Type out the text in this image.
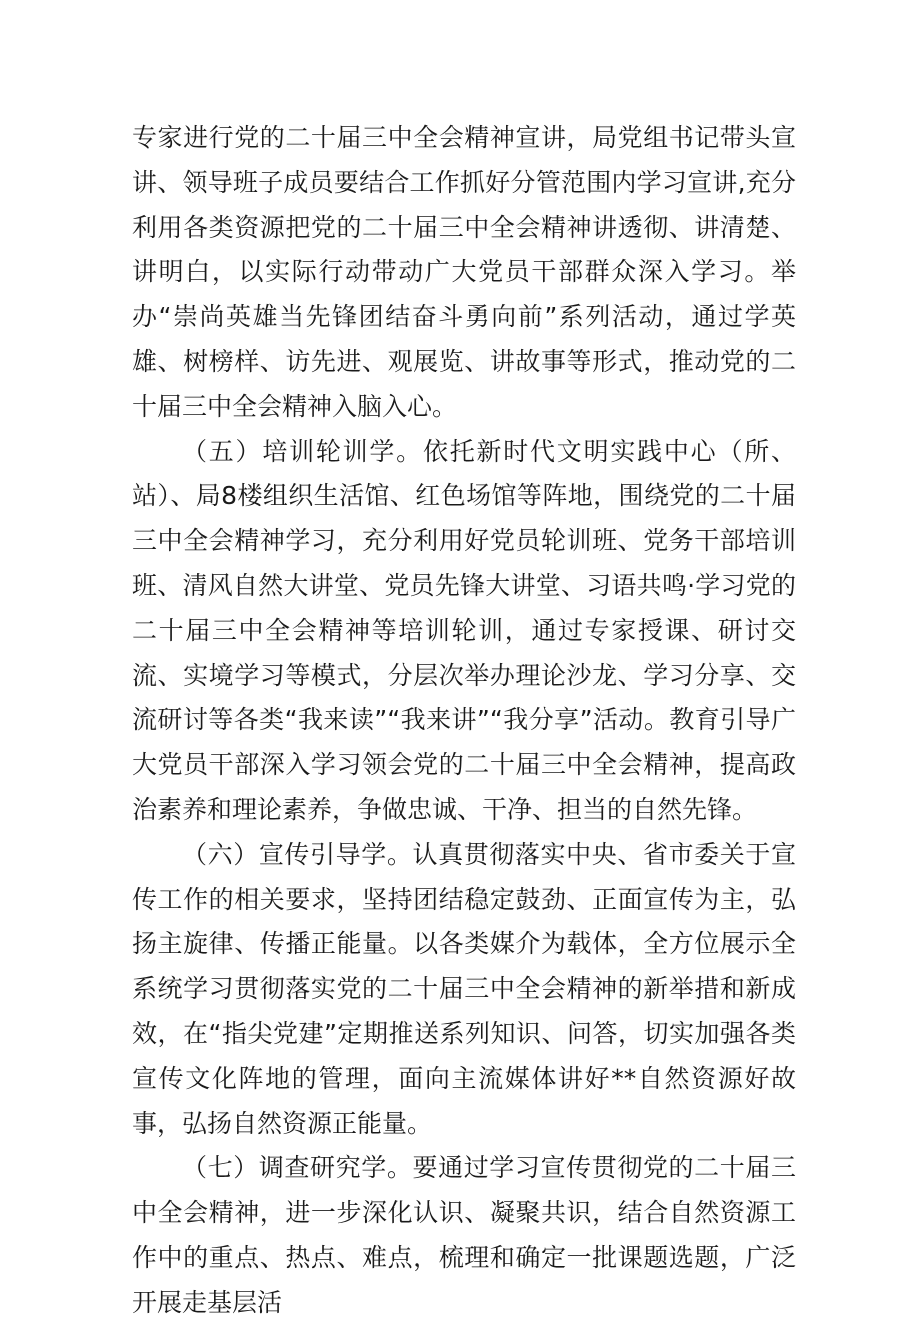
专家进行党的二十届三中全会精神宣讲，局党组书记带头宣讲、领导班子成员要结合工作抓好分管范围内学习宣讲,充分利用各类资源把党的二十届三中全会精神讲透彻、讲清楚、讲明白，以实际行动带动广大党员干部群众深入学习。举办“崇尚英雄当先锋团结奋斗勇向前”系列活动，通过学英雄、树榜样、访先进、观展览、讲故事等形式，推动党的二十届三中全会精神入脑入心。

（五）培训轮训学。依托新时代文明实践中心（所、站）、局8楼组织生活馆、红色场馆等阵地，围绕党的二十届三中全会精神学习，充分利用好党员轮训班、党务干部培训班、清风自然大讲堂、党员先锋大讲堂、习语共鸣·学习党的二十届三中全会精神等培训轮训，通过专家授课、研讨交流、实境学习等模式，分层次举办理论沙龙、学习分享、交流研讨等各类“我来读”“我来讲”“我分享”活动。教育引导广大党员干部深入学习领会党的二十届三中全会精神，提高政治素养和理论素养，争做忠诚、干净、担当的自然先锋。

（六）宣传引导学。认真贯彻落实中央、省市委关于宣传工作的相关要求，坚持团结稳定鼓劲、正面宣传为主，弘扬主旋律、传播正能量。以各类媒介为载体，全方位展示全系统学习贯彻落实党的二十届三中全会精神的新举措和新成效，在“指尖党建”定期推送系列知识、问答，切实加强各类宣传文化阵地的管理，面向主流媒体讲好**自然资源好故事，弘扬自然资源正能量。

（七）调查研究学。要通过学习宣传贯彻党的二十届三中全会精神，进一步深化认识、凝聚共识，结合自然资源工作中的重点、热点、难点，梳理和确定一批课题选题，广泛开展走基层活
